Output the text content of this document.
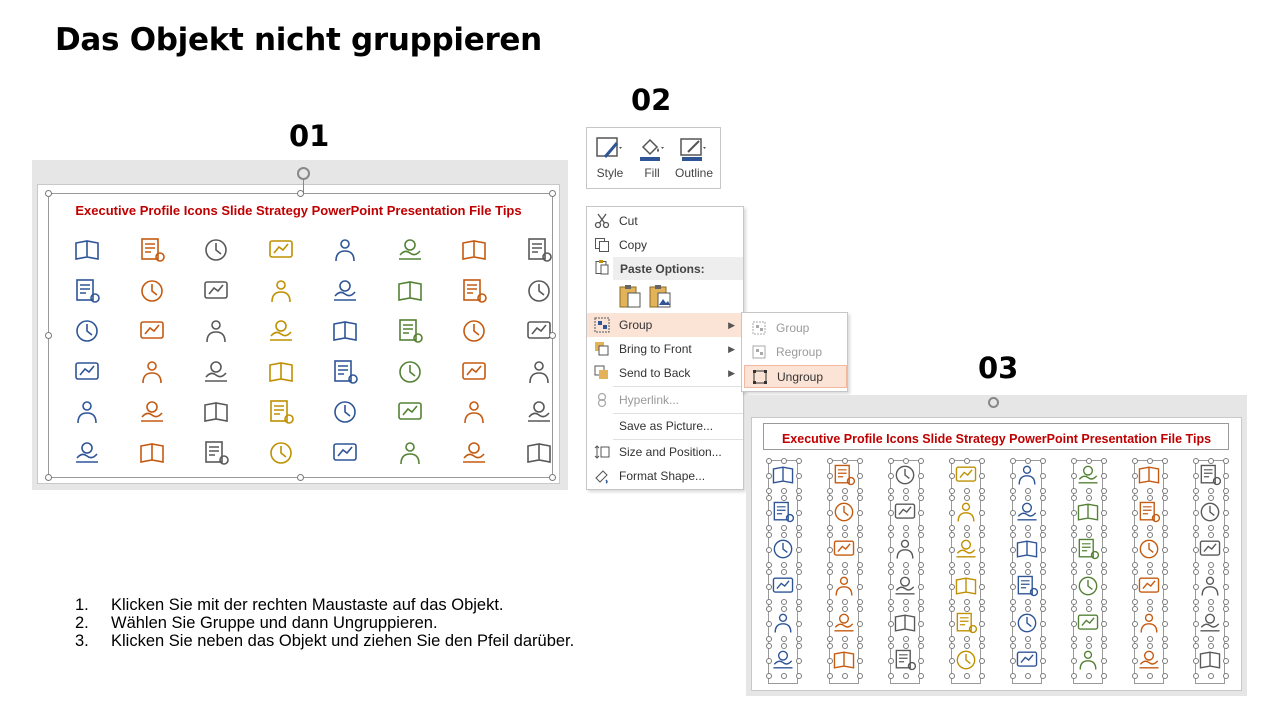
Das Objekt nicht gruppieren
01
02
03
Executive Profile Icons Slide Strategy PowerPoint Presentation File Tips
Style	Fill	Outline
Cut
Copy
Paste Options:
Group	▶
Bring to Front	▶
Send to Back	▶
Hyperlink...
Save as Picture...
Size and Position...
Format Shape...
Group
Regroup
Ungroup
Executive Profile Icons Slide Strategy PowerPoint Presentation File Tips
1.	Klicken Sie mit der rechten Maustaste auf das Objekt.
2.	Wählen Sie Gruppe und dann Ungruppieren.
3.	Klicken Sie neben das Objekt und ziehen Sie den Pfeil darüber.
